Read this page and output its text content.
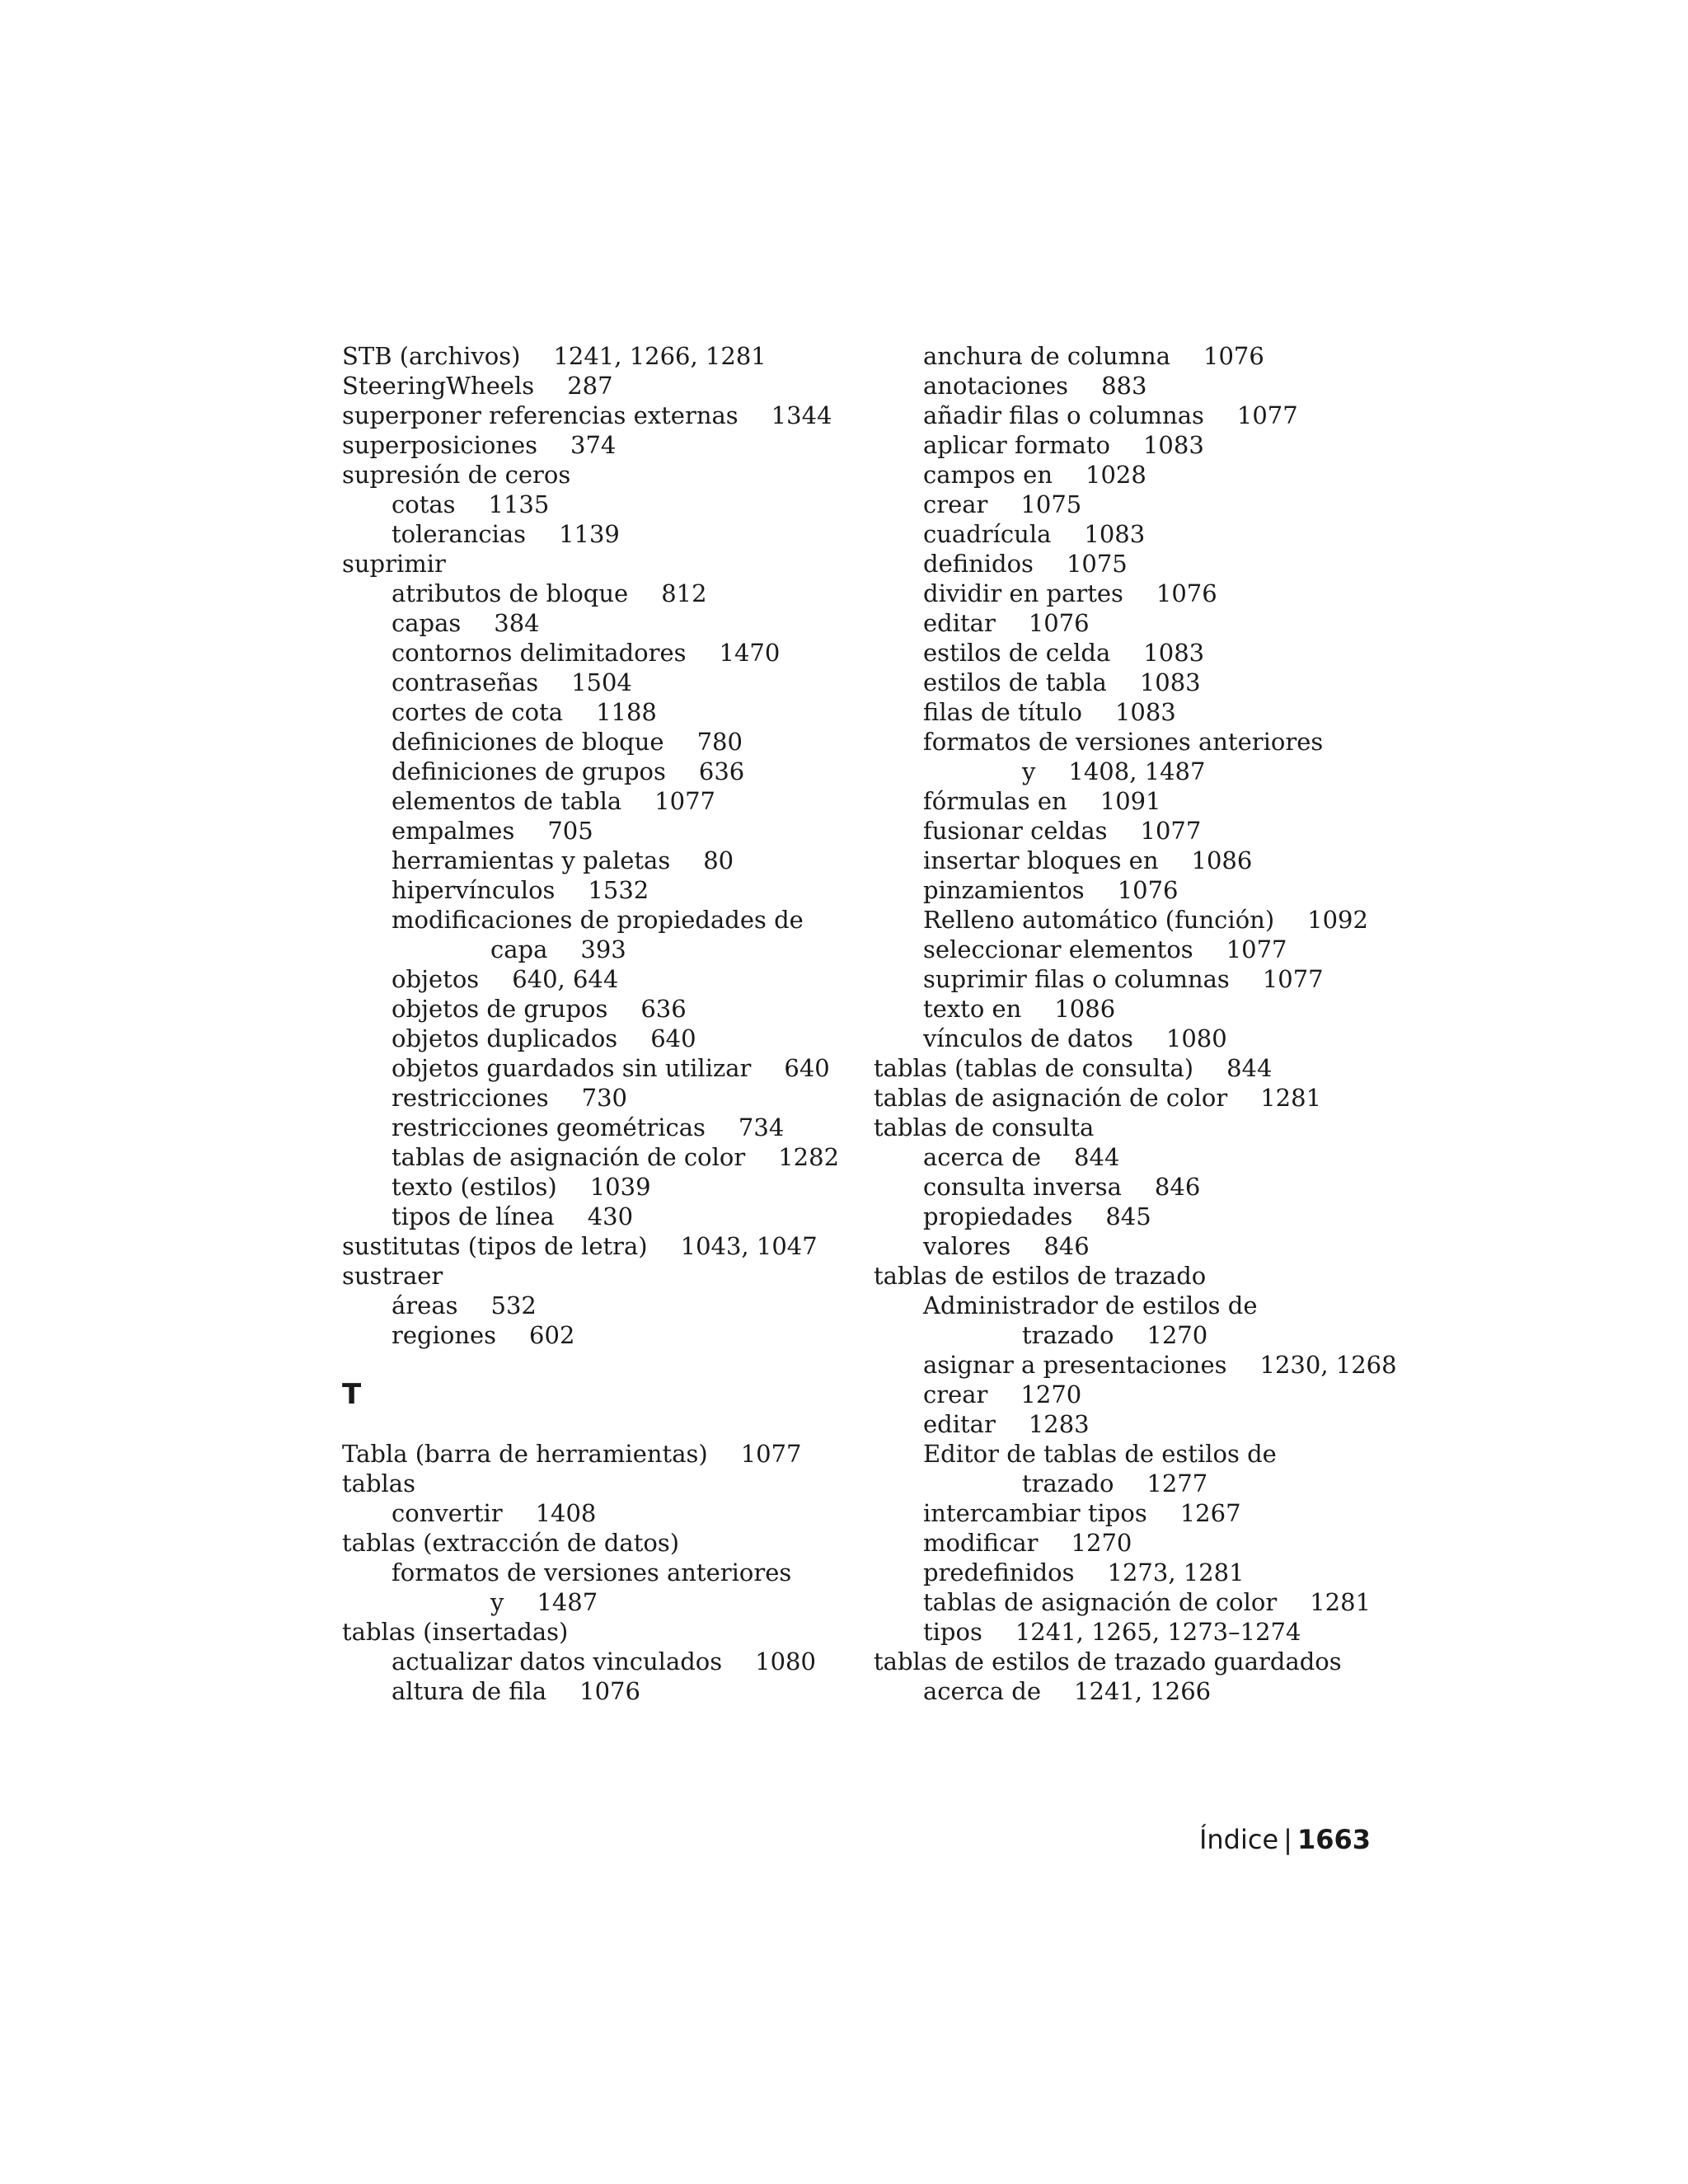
STB (archivos) 1241, 1266, 1281
SteeringWheels 287
superponer referencias externas 1344
superposiciones 374
supresión de ceros
cotas 1135
tolerancias 1139
suprimir
atributos de bloque 812
capas 384
contornos delimitadores 1470
contraseñas 1504
cortes de cota 1188
definiciones de bloque 780
definiciones de grupos 636
elementos de tabla 1077
empalmes 705
herramientas y paletas 80
hipervínculos 1532
modificaciones de propiedades de
capa 393
objetos 640, 644
objetos de grupos 636
objetos duplicados 640
objetos guardados sin utilizar 640
restricciones 730
restricciones geométricas 734
tablas de asignación de color 1282
texto (estilos) 1039
tipos de línea 430
sustitutas (tipos de letra) 1043, 1047
sustraer
áreas 532
regiones 602
T
Tabla (barra de herramientas) 1077
tablas
convertir 1408
tablas (extracción de datos)
formatos de versiones anteriores
y 1487
tablas (insertadas)
actualizar datos vinculados 1080
altura de fila 1076
anchura de columna 1076
anotaciones 883
añadir filas o columnas 1077
aplicar formato 1083
campos en 1028
crear 1075
cuadrícula 1083
definidos 1075
dividir en partes 1076
editar 1076
estilos de celda 1083
estilos de tabla 1083
filas de título 1083
formatos de versiones anteriores
y 1408, 1487
fórmulas en 1091
fusionar celdas 1077
insertar bloques en 1086
pinzamientos 1076
Relleno automático (función) 1092
seleccionar elementos 1077
suprimir filas o columnas 1077
texto en 1086
vínculos de datos 1080
tablas (tablas de consulta) 844
tablas de asignación de color 1281
tablas de consulta
acerca de 844
consulta inversa 846
propiedades 845
valores 846
tablas de estilos de trazado
Administrador de estilos de
trazado 1270
asignar a presentaciones 1230, 1268
crear 1270
editar 1283
Editor de tablas de estilos de
trazado 1277
intercambiar tipos 1267
modificar 1270
predefinidos 1273, 1281
tablas de asignación de color 1281
tipos 1241, 1265, 1273–1274
tablas de estilos de trazado guardados
acerca de 1241, 1266
Índice | 1663
